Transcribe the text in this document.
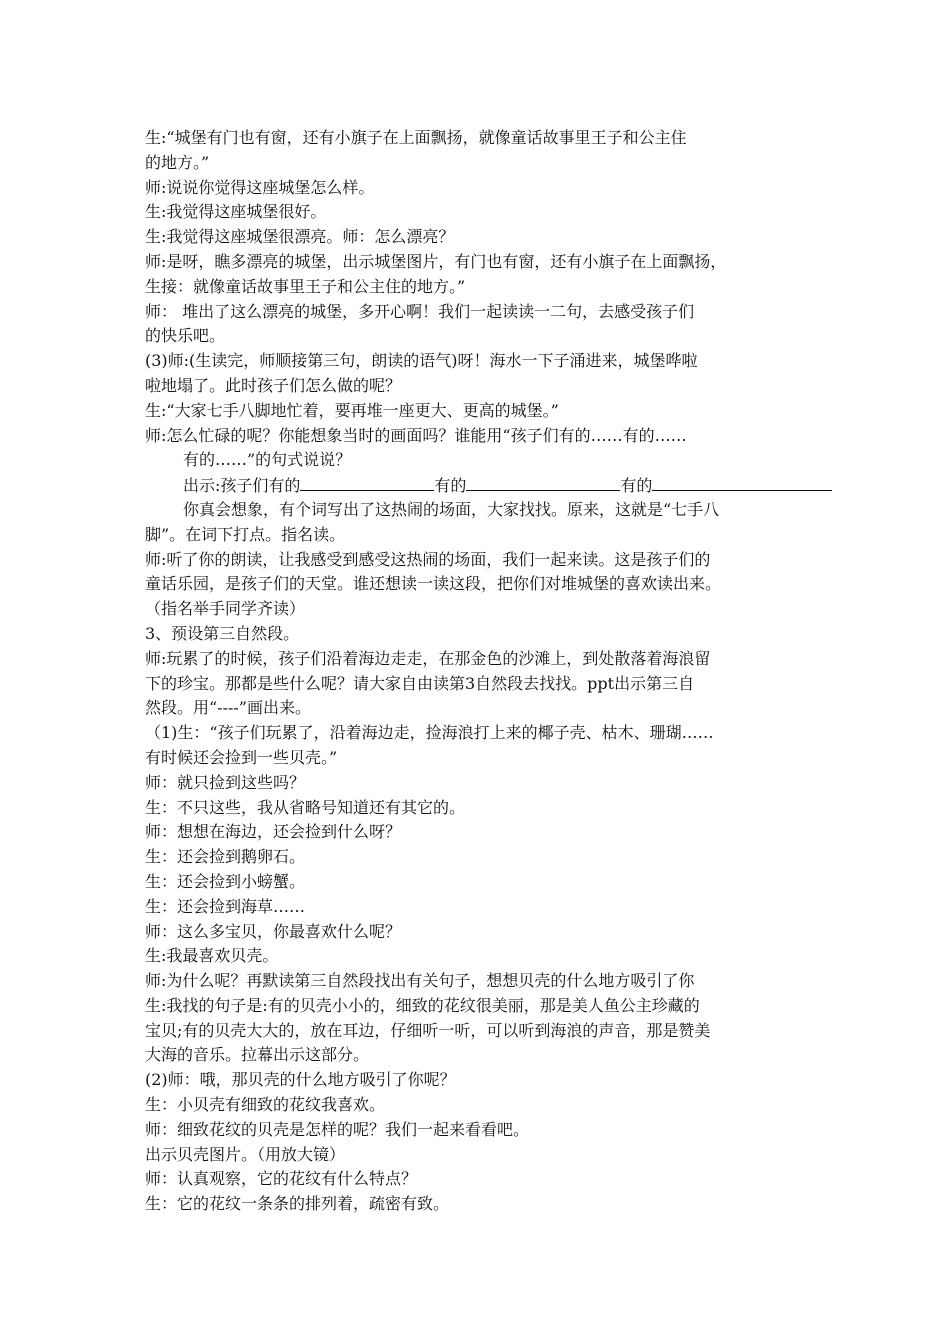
生:“城堡有门也有窗，还有小旗子在上面飘扬，就像童话故事里王子和公主住
的地方。”
师:说说你觉得这座城堡怎么样。
生:我觉得这座城堡很好。
生:我觉得这座城堡很漂亮。师：怎么漂亮？
师:是呀，瞧多漂亮的城堡，出示城堡图片，有门也有窗，还有小旗子在上面飘扬，
生接：就像童话故事里王子和公主住的地方。”
师： 堆出了这么漂亮的城堡，多开心啊！我们一起读读一二句，去感受孩子们
的快乐吧。
(3)师:(生读完，师顺接第三句，朗读的语气)呀！海水一下子涌进来，城堡哗啦
啦地塌了。此时孩子们怎么做的呢？
生:“大家七手八脚地忙着，要再堆一座更大、更高的城堡。”
师:怎么忙碌的呢？你能想象当时的画面吗？谁能用“孩子们有的……有的……
有的……”的句式说说？
出示:孩子们有的	有的	有的
你真会想象，有个词写出了这热闹的场面，大家找找。原来，这就是“七手八
脚”。在词下打点。指名读。
师:听了你的朗读，让我感受到感受这热闹的场面，我们一起来读。这是孩子们的
童话乐园，是孩子们的天堂。谁还想读一读这段，把你们对堆城堡的喜欢读出来。
（指名举手同学齐读）
3、预设第三自然段。
师:玩累了的时候，孩子们沿着海边走走，在那金色的沙滩上，到处散落着海浪留
下的珍宝。那都是些什么呢？请大家自由读第3自然段去找找。ppt出示第三自
然段。用“----”画出来。
（1)生：“孩子们玩累了，沿着海边走，捡海浪打上来的椰子壳、枯木、珊瑚……
有时候还会捡到一些贝壳。”
师：就只捡到这些吗？
生：不只这些，我从省略号知道还有其它的。
师：想想在海边，还会捡到什么呀？
生：还会捡到鹅卵石。
生：还会捡到小螃蟹。
生：还会捡到海草……
师：这么多宝贝，你最喜欢什么呢？
生:我最喜欢贝壳。
师:为什么呢？再默读第三自然段找出有关句子，想想贝壳的什么地方吸引了你
生:我找的句子是:有的贝壳小小的，细致的花纹很美丽，那是美人鱼公主珍藏的
宝贝;有的贝壳大大的，放在耳边，仔细听一听，可以听到海浪的声音，那是赞美
大海的音乐。拉幕出示这部分。
(2)师：哦，那贝壳的什么地方吸引了你呢？
生：小贝壳有细致的花纹我喜欢。
师：细致花纹的贝壳是怎样的呢？我们一起来看看吧。
出示贝壳图片。（用放大镜）
师：认真观察，它的花纹有什么特点？
生：它的花纹一条条的排列着，疏密有致。
